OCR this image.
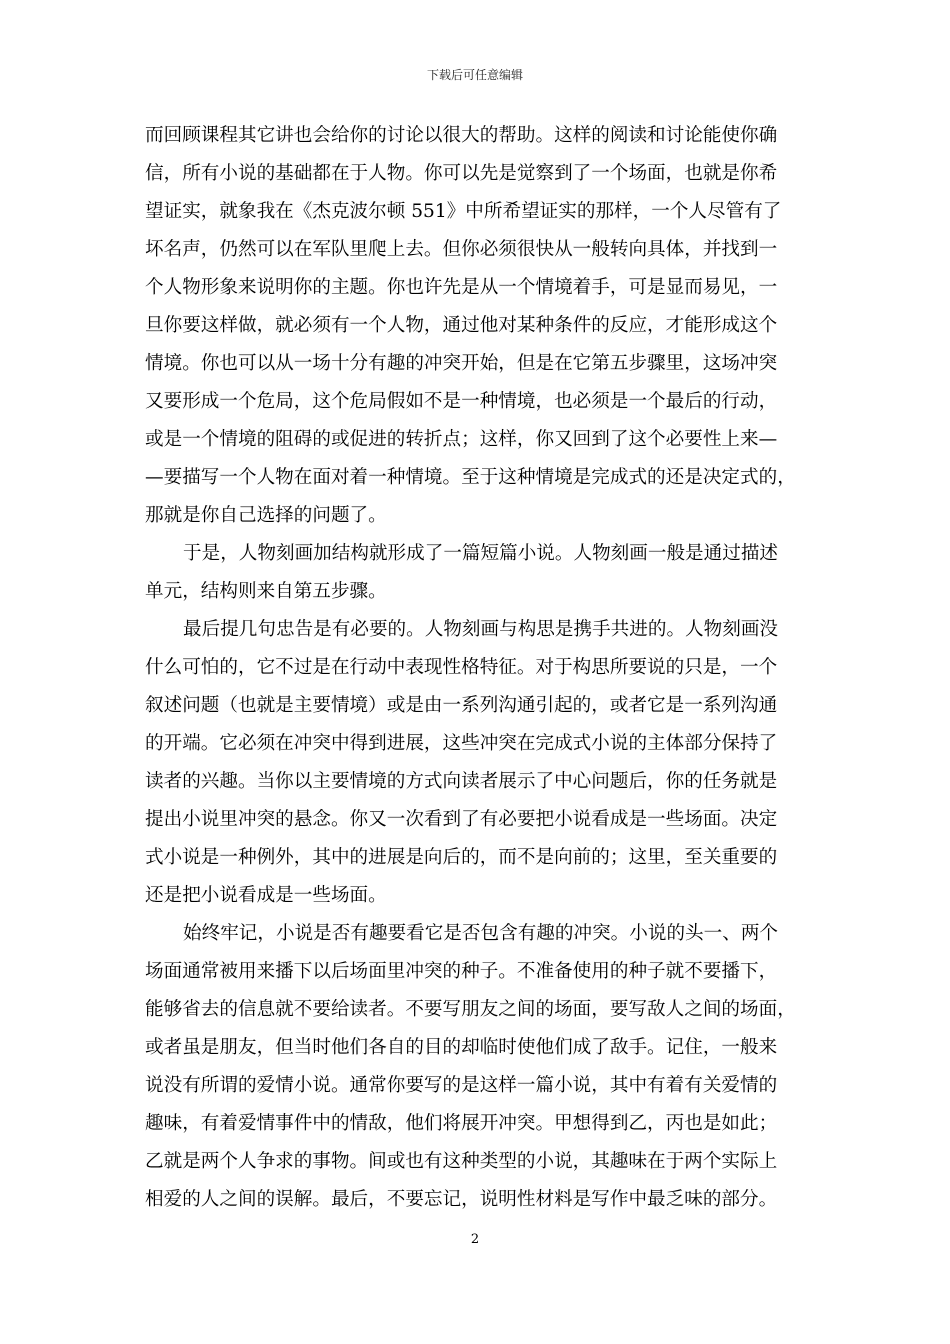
下载后可任意编辑
而回顾课程其它讲也会给你的讨论以很大的帮助。这样的阅读和讨论能使你确
信，所有小说的基础都在于人物。你可以先是觉察到了一个场面，也就是你希
望证实，就象我在《杰克波尔顿 551》中所希望证实的那样，一个人尽管有了
坏名声，仍然可以在军队里爬上去。但你必须很快从一般转向具体，并找到一
个人物形象来说明你的主题。你也许先是从一个情境着手，可是显而易见，一
旦你要这样做，就必须有一个人物，通过他对某种条件的反应，才能形成这个
情境。你也可以从一场十分有趣的冲突开始，但是在它第五步骤里，这场冲突
又要形成一个危局，这个危局假如不是一种情境，也必须是一个最后的行动，
或是一个情境的阻碍的或促进的转折点；这样，你又回到了这个必要性上来—
—要描写一个人物在面对着一种情境。至于这种情境是完成式的还是决定式的，
那就是你自己选择的问题了。
于是，人物刻画加结构就形成了一篇短篇小说。人物刻画一般是通过描述
单元，结构则来自第五步骤。
最后提几句忠告是有必要的。人物刻画与构思是携手共进的。人物刻画没
什么可怕的，它不过是在行动中表现性格特征。对于构思所要说的只是，一个
叙述问题（也就是主要情境）或是由一系列沟通引起的，或者它是一系列沟通
的开端。它必须在冲突中得到进展，这些冲突在完成式小说的主体部分保持了
读者的兴趣。当你以主要情境的方式向读者展示了中心问题后，你的任务就是
提出小说里冲突的悬念。你又一次看到了有必要把小说看成是一些场面。决定
式小说是一种例外，其中的进展是向后的，而不是向前的；这里，至关重要的
还是把小说看成是一些场面。
始终牢记，小说是否有趣要看它是否包含有趣的冲突。小说的头一、两个
场面通常被用来播下以后场面里冲突的种子。不准备使用的种子就不要播下，
能够省去的信息就不要给读者。不要写朋友之间的场面，要写敌人之间的场面，
或者虽是朋友，但当时他们各自的目的却临时使他们成了敌手。记住，一般来
说没有所谓的爱情小说。通常你要写的是这样一篇小说，其中有着有关爱情的
趣味，有着爱情事件中的情敌，他们将展开冲突。甲想得到乙，丙也是如此；
乙就是两个人争求的事物。间或也有这种类型的小说，其趣味在于两个实际上
相爱的人之间的误解。最后，不要忘记，说明性材料是写作中最乏味的部分。
2
